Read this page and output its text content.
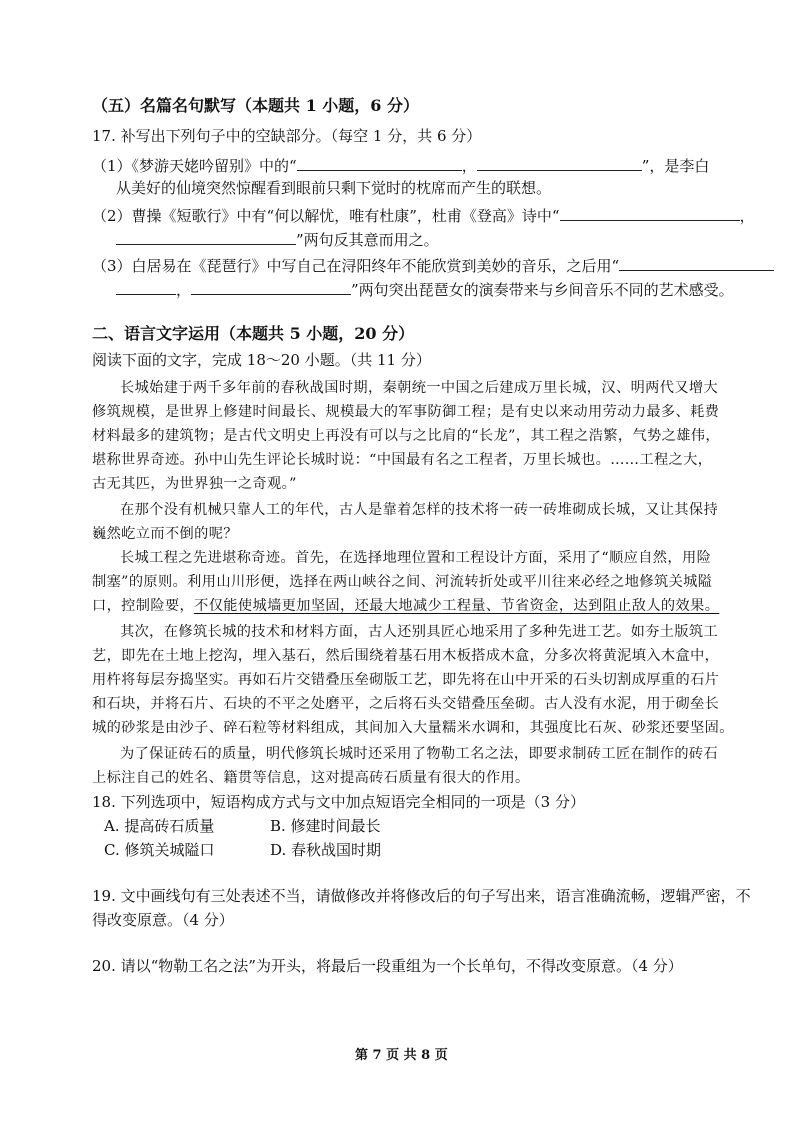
（五）名篇名句默写（本题共 1 小题，6 分）
17. 补写出下列句子中的空缺部分。（每空 1 分，共 6 分）
（1）《梦游天姥吟留别》中的“	，	”，是李白
从美好的仙境突然惊醒看到眼前只剩下觉时的枕席而产生的联想。
（2）曹操《短歌行》中有“何以解忧，唯有杜康”，杜甫《登高》诗中“	，
”两句反其意而用之。
（3）白居易在《琵琶行》中写自己在浔阳终年不能欣赏到美妙的音乐，之后用“
，	”两句突出琵琶女的演奏带来与乡间音乐不同的艺术感受。
二、语言文字运用（本题共 5 小题，20 分）
阅读下面的文字，完成 18～20 小题。（共 11 分）
长城始建于两千多年前的春秋战国时期，秦朝统一中国之后建成万里长城，汉、明两代又增大
修筑规模，是世界上修建时间最长、规模最大的军事防御工程；是有史以来动用劳动力最多、耗费
材料最多的建筑物；是古代文明史上再没有可以与之比肩的“长龙”，其工程之浩繁，气势之雄伟，
堪称世界奇迹。孙中山先生评论长城时说：“中国最有名之工程者，万里长城也。……工程之大，
古无其匹，为世界独一之奇观。”
在那个没有机械只靠人工的年代，古人是靠着怎样的技术将一砖一砖堆砌成长城，又让其保持
巍然屹立而不倒的呢？
长城工程之先进堪称奇迹。首先，在选择地理位置和工程设计方面，采用了“顺应自然，用险
制塞”的原则。利用山川形便，选择在两山峡谷之间、河流转折处或平川往来必经之地修筑关城隘
口，控制险要，不仅能使城墙更加坚固，还最大地减少工程量、节省资金，达到阻止敌人的效果。
其次，在修筑长城的技术和材料方面，古人还别具匠心地采用了多种先进工艺。如夯土版筑工
艺，即先在土地上挖沟，埋入基石，然后围绕着基石用木板搭成木盒，分多次将黄泥填入木盒中，
用杵将每层夯捣坚实。再如石片交错叠压垒砌版工艺，即先将在山中开采的石头切割成厚重的石片
和石块，并将石片、石块的不平之处磨平，之后将石头交错叠压垒砌。古人没有水泥，用于砌垒长
城的砂浆是由沙子、碎石粒等材料组成，其间加入大量糯米水调和，其强度比石灰、砂浆还要坚固。
为了保证砖石的质量，明代修筑长城时还采用了物勒工名之法，即要求制砖工匠在制作的砖石
上标注自己的姓名、籍贯等信息，这对提高砖石质量有很大的作用。
18. 下列选项中，短语构成方式与文中加点短语完全相同的一项是（3 分）
A. 提高砖石质量	B. 修建时间最长
C. 修筑关城隘口	D. 春秋战国时期
19. 文中画线句有三处表述不当，请做修改并将修改后的句子写出来，语言准确流畅，逻辑严密，不
得改变原意。（4 分）
20. 请以“物勒工名之法”为开头，将最后一段重组为一个长单句，不得改变原意。（4 分）
第 7 页 共 8 页
